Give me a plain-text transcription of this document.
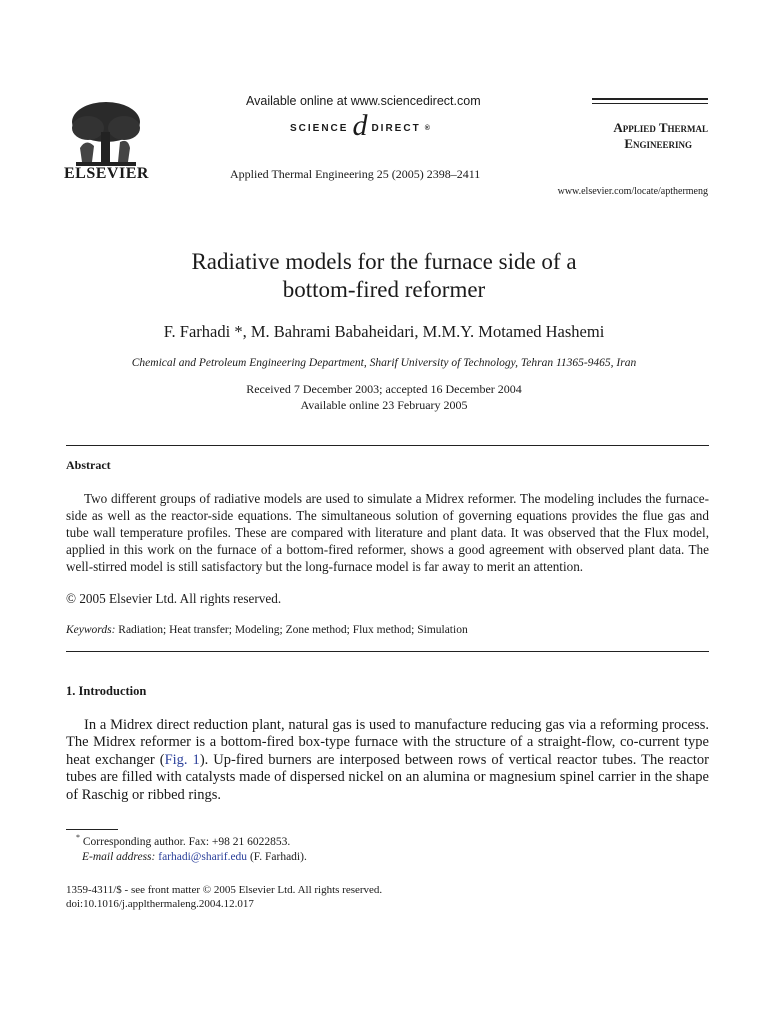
ELSEVIER
Available online at www.sciencedirect.com
SCIENCE d DIRECT ®
Applied Thermal Engineering 25 (2005) 2398–2411
Applied Thermal
Engineering
www.elsevier.com/locate/apthermeng
Radiative models for the furnace side of a
bottom-fired reformer
F. Farhadi *, M. Bahrami Babaheidari, M.M.Y. Motamed Hashemi
Chemical and Petroleum Engineering Department, Sharif University of Technology, Tehran 11365-9465, Iran
Received 7 December 2003; accepted 16 December 2004
Available online 23 February 2005
Abstract
Two different groups of radiative models are used to simulate a Midrex reformer. The modeling includes the furnace-side as well as the reactor-side equations. The simultaneous solution of governing equations provides the flue gas and tube wall temperature profiles. These are compared with literature and plant data. It was observed that the Flux model, applied in this work on the furnace of a bottom-fired reformer, shows a good agreement with observed plant data. The well-stirred model is still satisfactory but the long-furnace model is far away to merit an attention.
© 2005 Elsevier Ltd. All rights reserved.
Keywords: Radiation; Heat transfer; Modeling; Zone method; Flux method; Simulation
1. Introduction
In a Midrex direct reduction plant, natural gas is used to manufacture reducing gas via a reforming process. The Midrex reformer is a bottom-fired box-type furnace with the structure of a straight-flow, co-current type heat exchanger (Fig. 1). Up-fired burners are interposed between rows of vertical reactor tubes. The reactor tubes are filled with catalysts made of dispersed nickel on an alumina or magnesium spinel carrier in the shape of Raschig or ribbed rings.
* Corresponding author. Fax: +98 21 6022853.
E-mail address: farhadi@sharif.edu (F. Farhadi).
1359-4311/$ - see front matter © 2005 Elsevier Ltd. All rights reserved.
doi:10.1016/j.applthermaleng.2004.12.017
